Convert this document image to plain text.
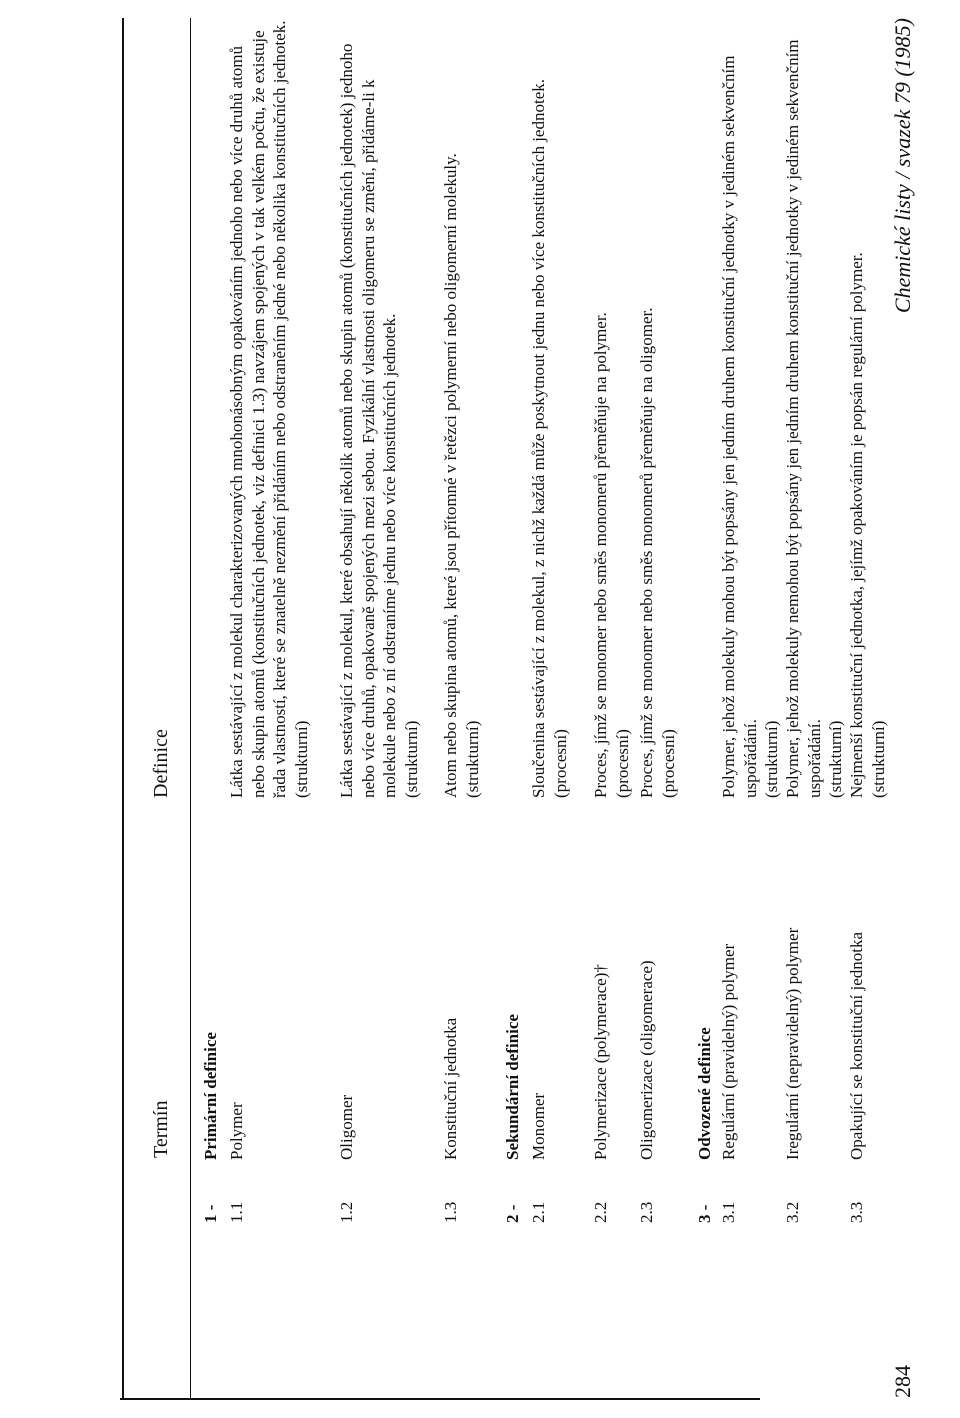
Termín
Definice
1 -
Primární definice
1.1
Polymer
Látka sestávající z molekul charakterizovaných mnohonásobným opakováním jednoho nebo více druhů atomů nebo skupin atomů (konstitučních jednotek, viz definici 1.3) navzájem spojených v tak velkém počtu, že existuje řada vlastností, které se znatelně nezmění přidáním nebo odstraněním jedné nebo několika konstitučních jednotek. (strukturní)
1.2
Oligomer
Látka sestávající z molekul, které obsahují několik atomů nebo skupin atomů (konstitučních jednotek) jednoho nebo více druhů, opakovaně spojených mezi sebou. Fyzikální vlastnosti oligomeru se změní, přidáme-li k molekule nebo z ní odstraníme jednu nebo více konstitučních jednotek. (strukturní)
1.3
Konstituční jednotka
Atom nebo skupina atomů, které jsou přítomné v řetězci polymerní nebo oligomerní molekuly. (strukturní)
2 -
Sekundární definice
2.1
Monomer
Sloučenina sestávající z molekul, z nichž každá může poskytnout jednu nebo více konstitučních jednotek. (procesní)
2.2
Polymerizace (polymerace)†
Proces, jímž se monomer nebo směs monomerů přeměňuje na polymer. (procesní)
2.3
Oligomerizace (oligomerace)
Proces, jímž se monomer nebo směs monomerů přeměňuje na oligomer. (procesní)
3 -
Odvozené definice
3.1
Regulární (pravidelný) polymer
Polymer, jehož molekuly mohou být popsány jen jedním druhem konstituční jednotky v jediném sekvenčním uspořádání. (strukturní)
3.2
Iregulární (nepravidelný) polymer
Polymer, jehož molekuly nemohou být popsány jen jedním druhem konstituční jednotky v jediném sekvenčním uspořádání. (strukturní)
3.3
Opakující se konstituční jednotka
Nejmenší konstituční jednotka, jejímž opakováním je popsán regulární polymer. (strukturní)
284
Chemické listy / svazek 79 (1985)
